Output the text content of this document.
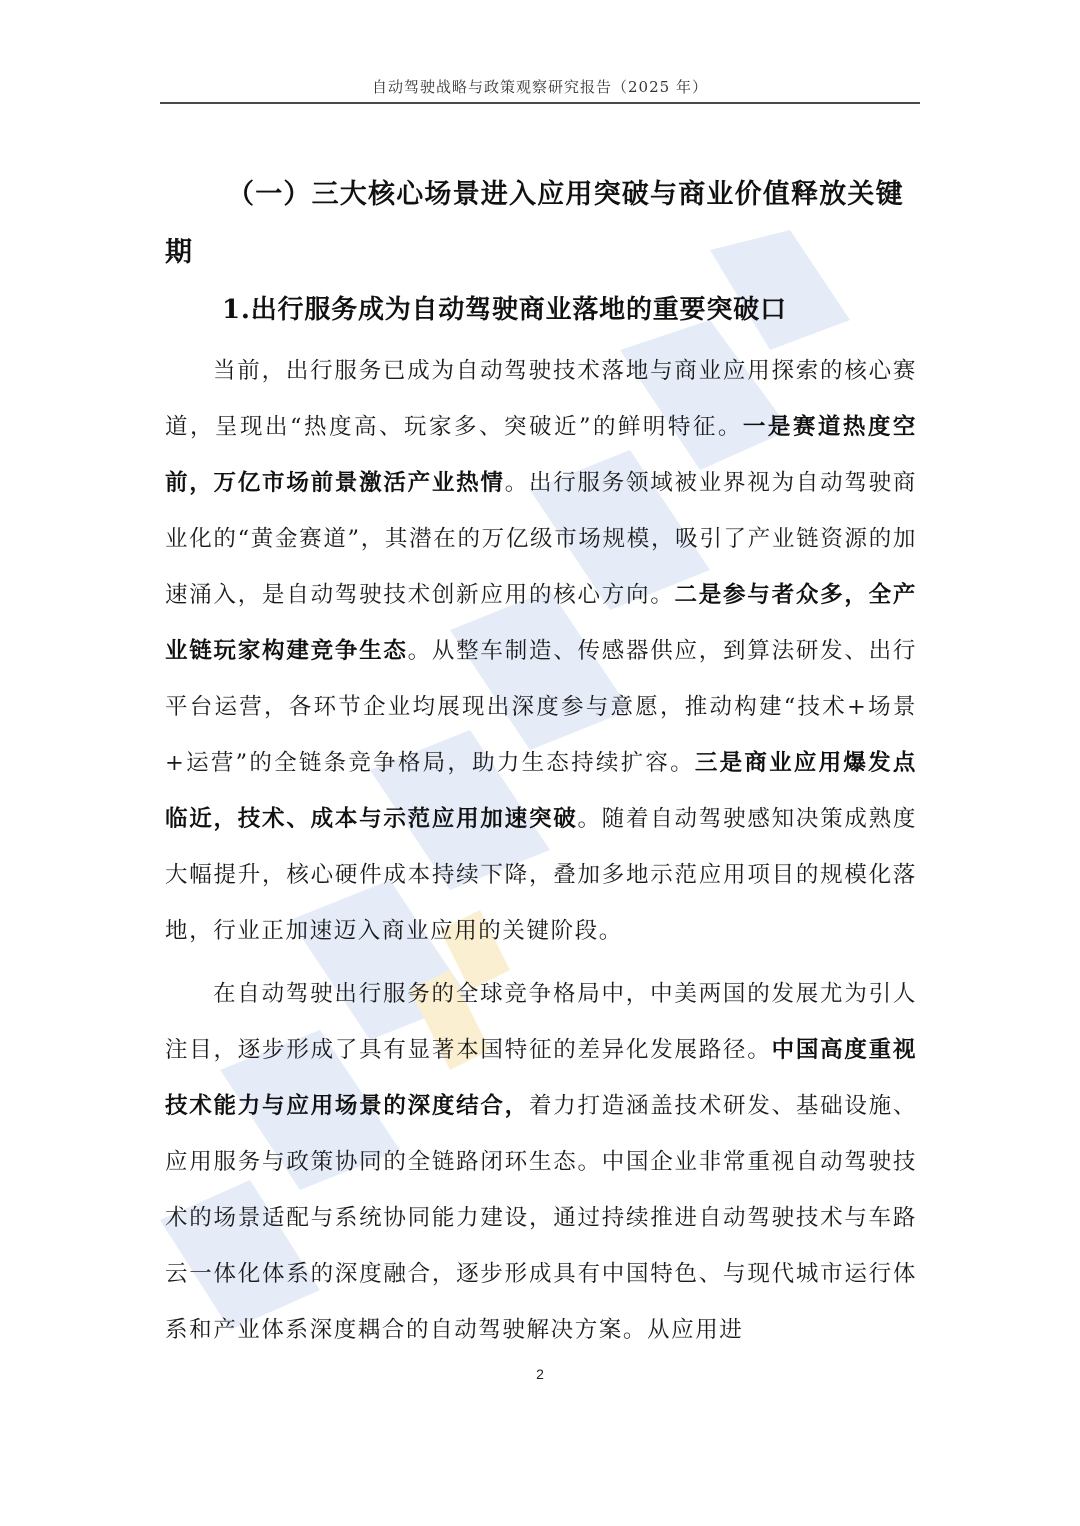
自动驾驶战略与政策观察研究报告（2025 年）
（一）三大核心场景进入应用突破与商业价值释放关键期
1.出行服务成为自动驾驶商业落地的重要突破口

当前，出行服务已成为自动驾驶技术落地与商业应用探索的核心赛道，呈现出“热度高、玩家多、突破近”的鲜明特征。一是赛道热度空前，万亿市场前景激活产业热情。出行服务领域被业界视为自动驾驶商业化的“黄金赛道”，其潜在的万亿级市场规模，吸引了产业链资源的加速涌入，是自动驾驶技术创新应用的核心方向。二是参与者众多，全产业链玩家构建竞争生态。从整车制造、传感器供应，到算法研发、出行平台运营，各环节企业均展现出深度参与意愿，推动构建“技术+场景+运营”的全链条竞争格局，助力生态持续扩容。三是商业应用爆发点临近，技术、成本与示范应用加速突破。随着自动驾驶感知决策成熟度大幅提升，核心硬件成本持续下降，叠加多地示范应用项目的规模化落地，行业正加速迈入商业应用的关键阶段。

在自动驾驶出行服务的全球竞争格局中，中美两国的发展尤为引人注目，逐步形成了具有显著本国特征的差异化发展路径。中国高度重视技术能力与应用场景的深度结合，着力打造涵盖技术研发、基础设施、应用服务与政策协同的全链路闭环生态。中国企业非常重视自动驾驶技术的场景适配与系统协同能力建设，通过持续推进自动驾驶技术与车路云一体化体系的深度融合，逐步形成具有中国特色、与现代城市运行体系和产业体系深度耦合的自动驾驶解决方案。从应用进

2
